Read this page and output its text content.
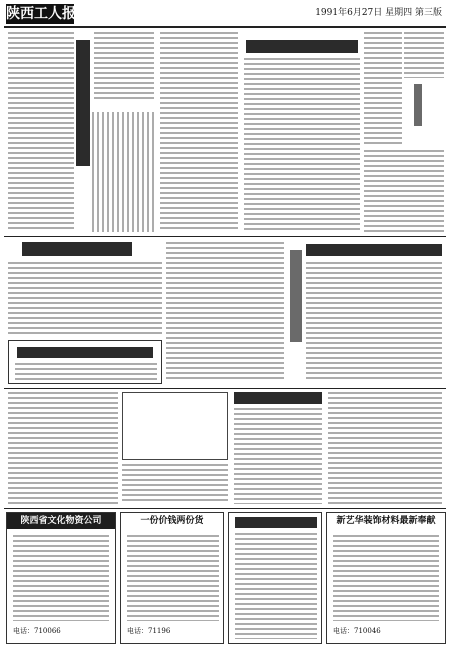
陕西工人报	1991年6月27日 星期四 第三版
陕西省文化物资公司
电话：710066
一份价钱两份货
电话：71196
新艺华装饰材料最新奉献
电话：710046
